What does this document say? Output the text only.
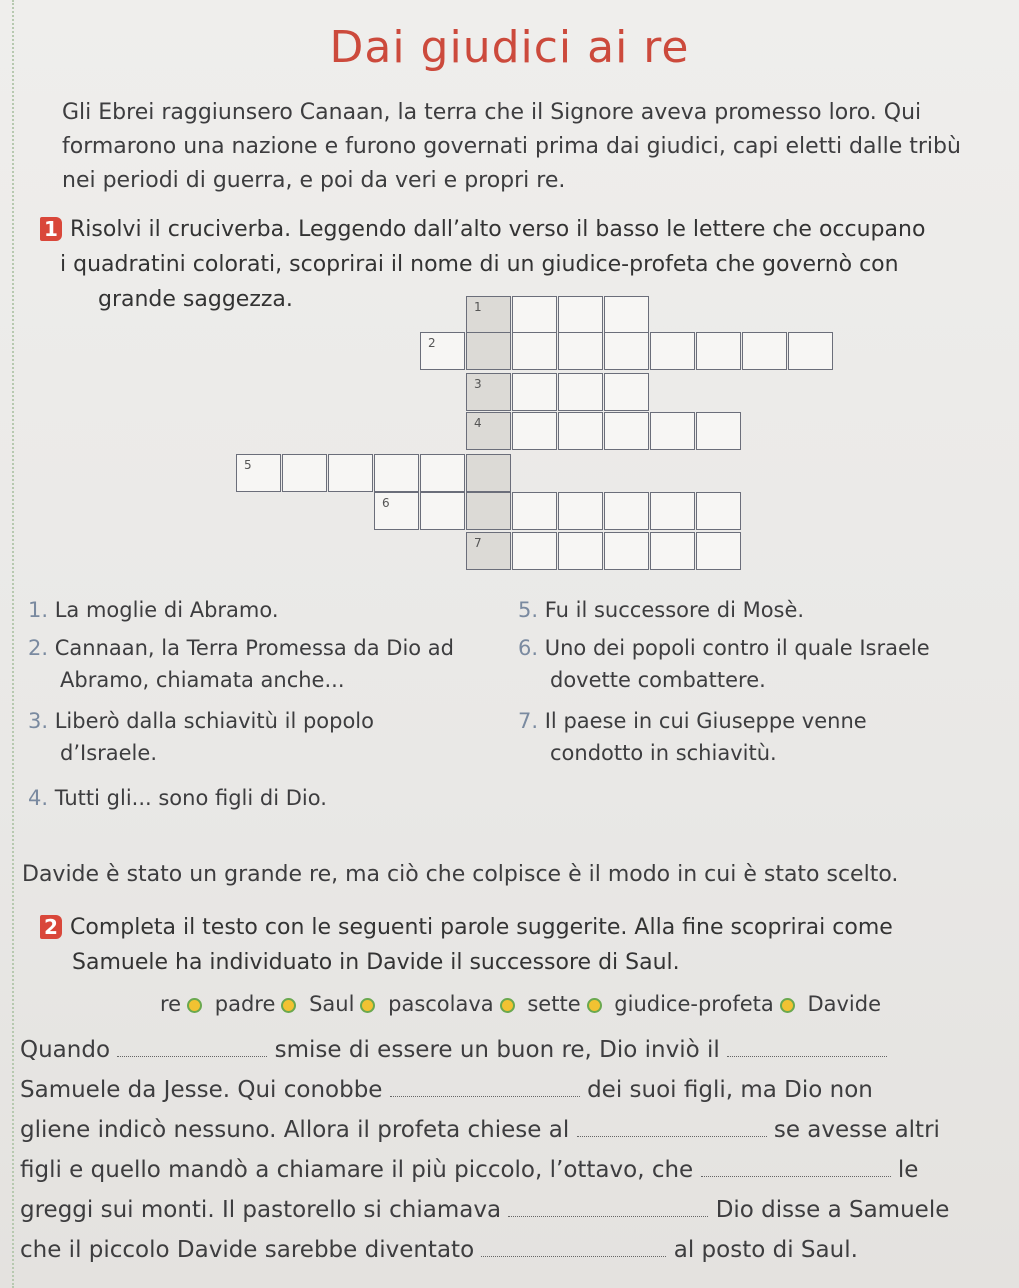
Dai giudici ai re
Gli Ebrei raggiunsero Canaan, la terra che il Signore aveva promesso loro. Qui formarono una nazione e furono governati prima dai giudici, capi eletti dalle tribù nei periodi di guerra, e poi da veri e propri re.
1 Risolvi il cruciverba. Leggendo dall’alto verso il basso le lettere che occupano
i quadratini colorati, scoprirai il nome di un giudice-profeta che governò con
grande saggezza.	1
2
3
4
5
6
7
1. La moglie di Abramo.
2. Cannaan, la Terra Promessa da Dio ad
Abramo, chiamata anche...
3. Liberò dalla schiavitù il popolo
d’Israele.
4. Tutti gli... sono figli di Dio.
5. Fu il successore di Mosè.
6. Uno dei popoli contro il quale Israele
dovette combattere.
7. Il paese in cui Giuseppe venne
condotto in schiavitù.
Davide è stato un grande re, ma ciò che colpisce è il modo in cui è stato scelto.
2 Completa il testo con le seguenti parole suggerite. Alla fine scoprirai come
Samuele ha individuato in Davide il successore di Saul.
re padre Saul pascolava sette giudice-profeta Davide
Quando	smise di essere un buon re, Dio inviò il
Samuele da Jesse. Qui conobbe	dei suoi figli, ma Dio non
gliene indicò nessuno. Allora il profeta chiese al	se avesse altri
figli e quello mandò a chiamare il più piccolo, l’ottavo, che	le
greggi sui monti. Il pastorello si chiamava	Dio disse a Samuele
che il piccolo Davide sarebbe diventato	al posto di Saul.
